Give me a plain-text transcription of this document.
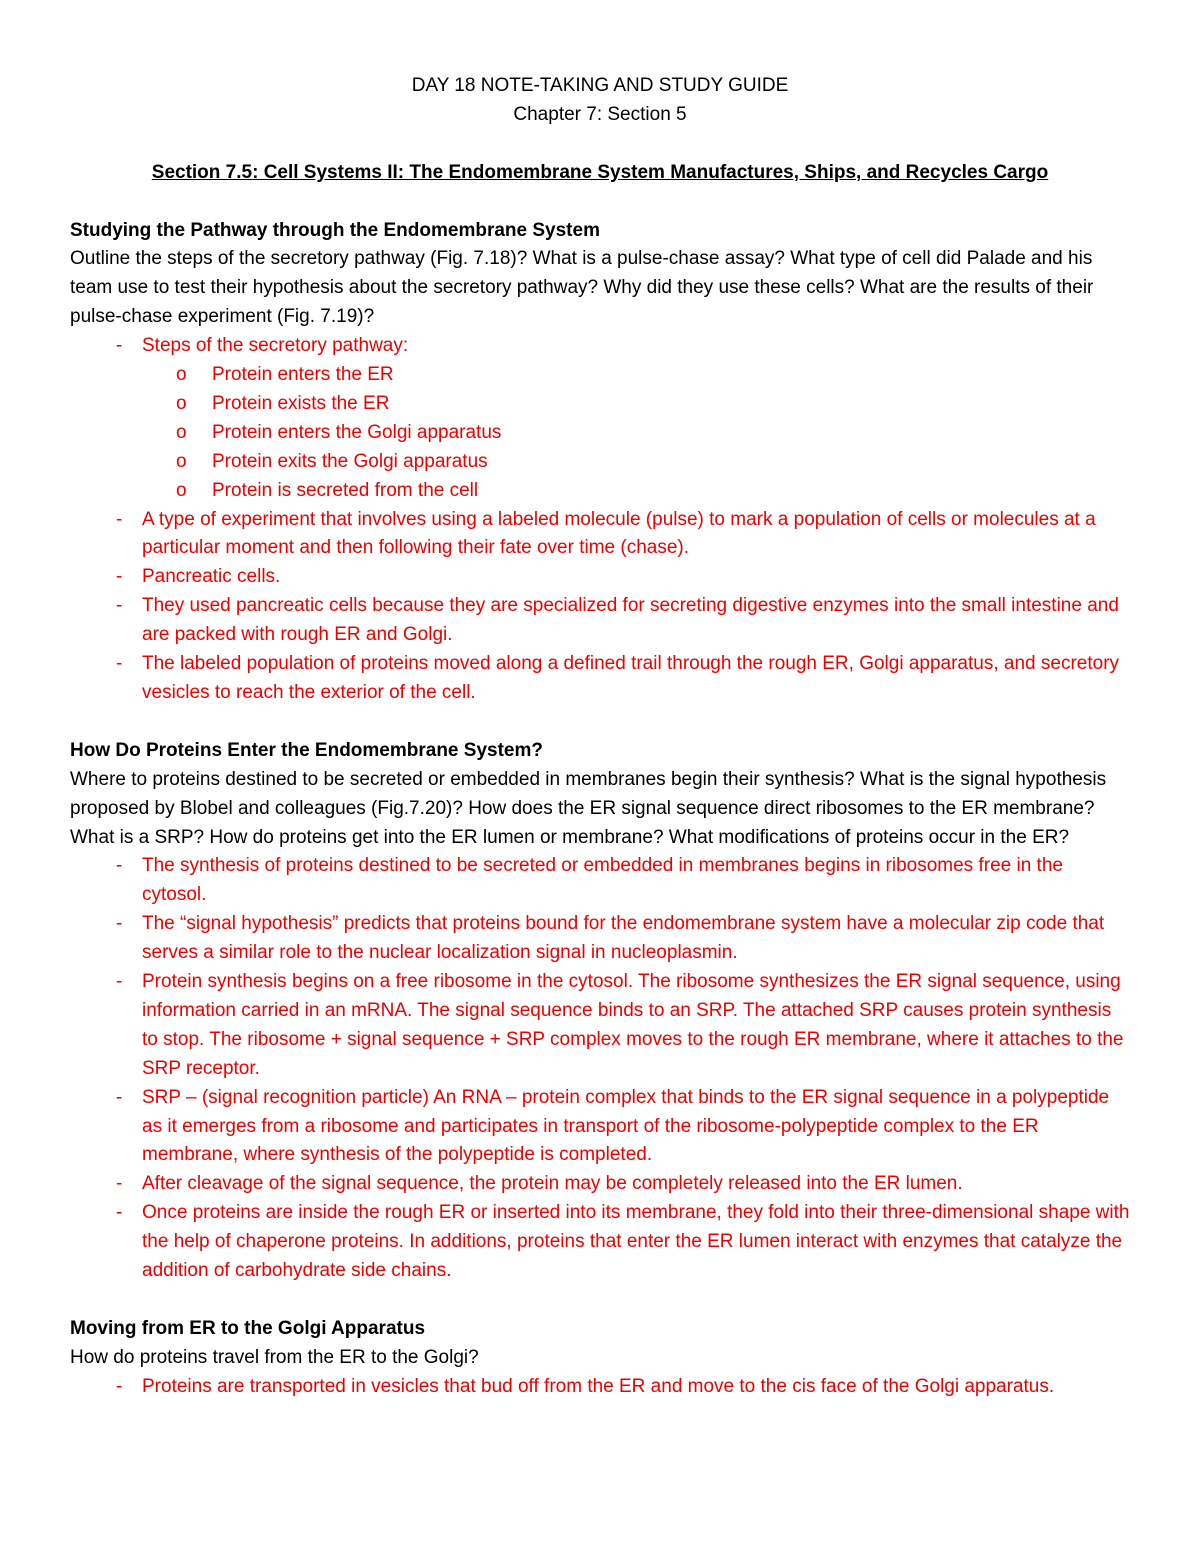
DAY 18 NOTE-TAKING AND STUDY GUIDE

Chapter 7: Section 5

Section 7.5: Cell Systems II: The Endomembrane System Manufactures, Ships, and Recycles Cargo

Studying the Pathway through the Endomembrane System

Outline the steps of the secretory pathway (Fig. 7.18)? What is a pulse-chase assay? What type of cell did Palade and his team use to test their hypothesis about the secretory pathway? Why did they use these cells? What are the results of their pulse-chase experiment (Fig. 7.19)?

- Steps of the secretory pathway:
o Protein enters the ER
o Protein exists the ER
o Protein enters the Golgi apparatus
o Protein exits the Golgi apparatus
o Protein is secreted from the cell
- A type of experiment that involves using a labeled molecule (pulse) to mark a population of cells or molecules at a particular moment and then following their fate over time (chase).
- Pancreatic cells.
- They used pancreatic cells because they are specialized for secreting digestive enzymes into the small intestine and are packed with rough ER and Golgi.
- The labeled population of proteins moved along a defined trail through the rough ER, Golgi apparatus, and secretory vesicles to reach the exterior of the cell.

How Do Proteins Enter the Endomembrane System?

Where to proteins destined to be secreted or embedded in membranes begin their synthesis? What is the signal hypothesis proposed by Blobel and colleagues (Fig.7.20)? How does the ER signal sequence direct ribosomes to the ER membrane? What is a SRP? How do proteins get into the ER lumen or membrane? What modifications of proteins occur in the ER?

- The synthesis of proteins destined to be secreted or embedded in membranes begins in ribosomes free in the cytosol.
- The “signal hypothesis” predicts that proteins bound for the endomembrane system have a molecular zip code that serves a similar role to the nuclear localization signal in nucleoplasmin.
- Protein synthesis begins on a free ribosome in the cytosol. The ribosome synthesizes the ER signal sequence, using information carried in an mRNA. The signal sequence binds to an SRP. The attached SRP causes protein synthesis to stop. The ribosome + signal sequence + SRP complex moves to the rough ER membrane, where it attaches to the SRP receptor.
- SRP – (signal recognition particle) An RNA – protein complex that binds to the ER signal sequence in a polypeptide as it emerges from a ribosome and participates in transport of the ribosome-polypeptide complex to the ER membrane, where synthesis of the polypeptide is completed.
- After cleavage of the signal sequence, the protein may be completely released into the ER lumen.
- Once proteins are inside the rough ER or inserted into its membrane, they fold into their three-dimensional shape with the help of chaperone proteins. In additions, proteins that enter the ER lumen interact with enzymes that catalyze the addition of carbohydrate side chains.

Moving from ER to the Golgi Apparatus

How do proteins travel from the ER to the Golgi?

- Proteins are transported in vesicles that bud off from the ER and move to the cis face of the Golgi apparatus.
